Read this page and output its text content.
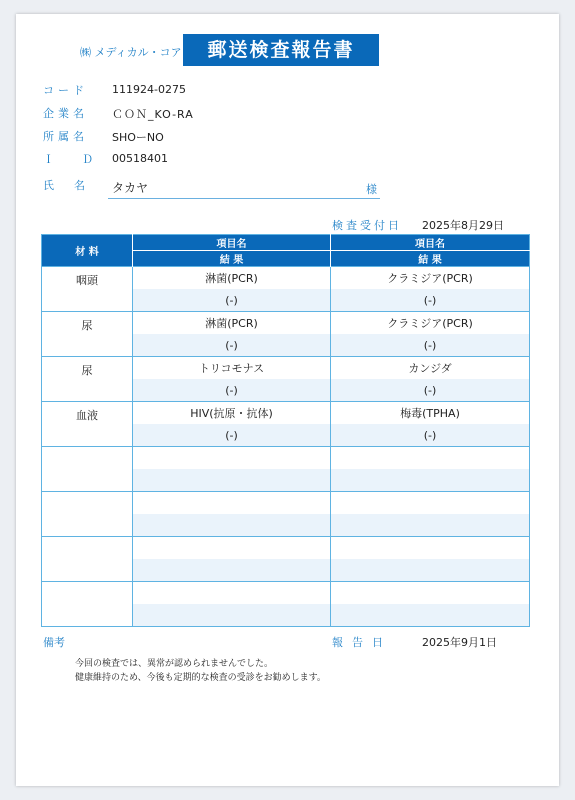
㈱ メディカル・コア	郵送検査報告書
コード 111924-0275
企業名 ＣＯＮ_KO-RA
所属名 SHOーNO
ＩＤ
00518401
氏名 タカヤ	様
検査受付日 2025年8月29日
材 料	項目名	項目名
	結 果	結 果
咽頭	淋菌(PCR)	クラミジア(PCR)
	(-)	(-)
尿	淋菌(PCR)	クラミジア(PCR)
	(-)	(-)
尿	トリコモナス	カンジダ
	(-)	(-)
血液	HIV(抗原・抗体)	梅毒(TPHA)
	(-)	(-)

備考	報告日	2025年9月1日
今回の検査では、異常が認められませんでした。
健康維持のため、今後も定期的な検査の受診をお勧めします。
